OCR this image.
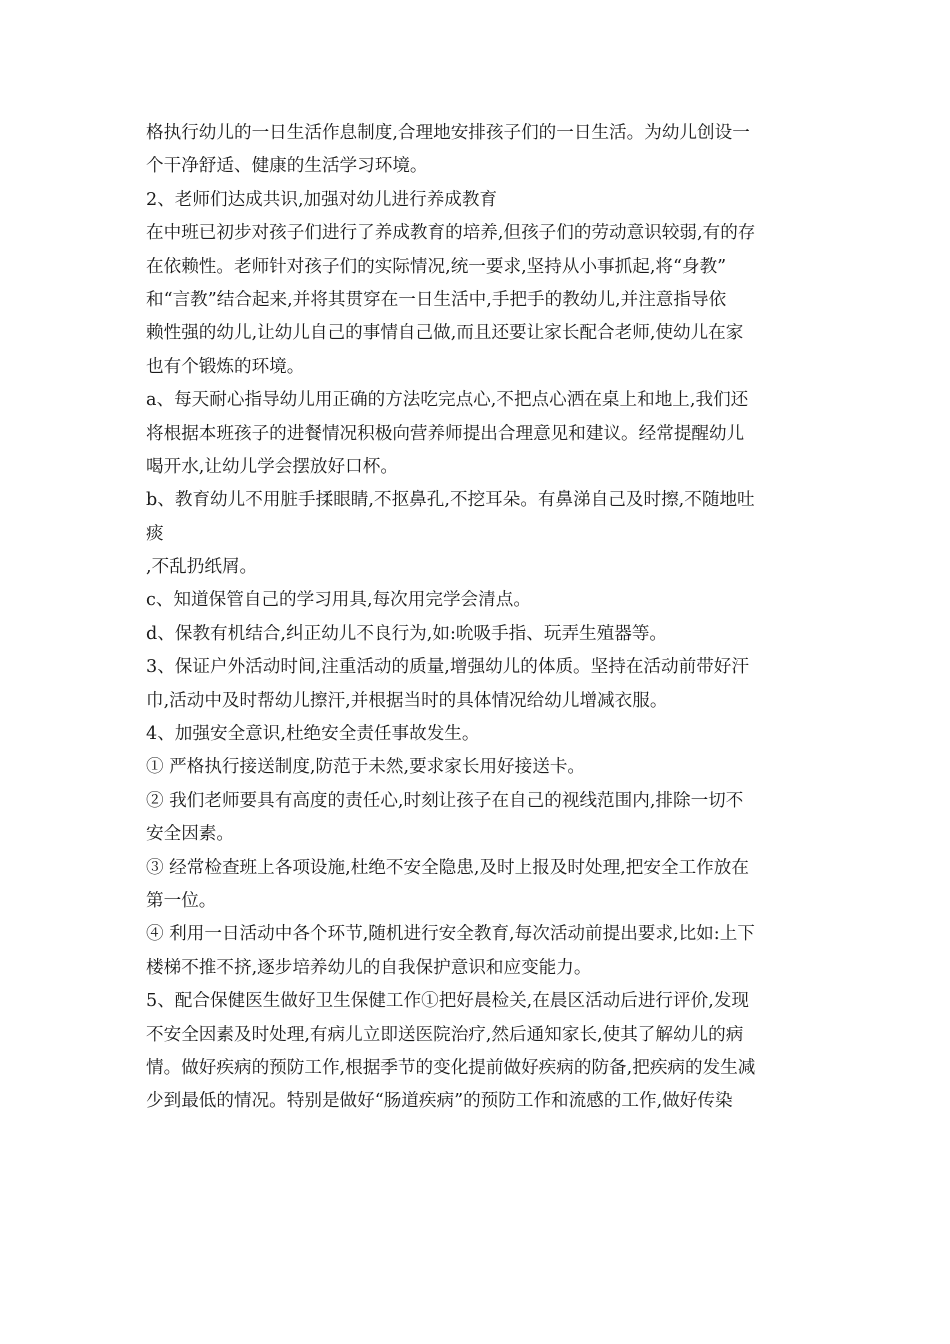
格执行幼儿的一日生活作息制度,合理地安排孩子们的一日生活。为幼儿创设一
个干净舒适、健康的生活学习环境。
2、老师们达成共识,加强对幼儿进行养成教育
在中班已初步对孩子们进行了养成教育的培养,但孩子们的劳动意识较弱,有的存
在依赖性。老师针对孩子们的实际情况,统一要求,坚持从小事抓起,将“身教”
和“言教”结合起来,并将其贯穿在一日生活中,手把手的教幼儿,并注意指导依
赖性强的幼儿,让幼儿自己的事情自己做,而且还要让家长配合老师,使幼儿在家
也有个锻炼的环境。
a、每天耐心指导幼儿用正确的方法吃完点心,不把点心洒在桌上和地上,我们还
将根据本班孩子的进餐情况积极向营养师提出合理意见和建议。经常提醒幼儿
喝开水,让幼儿学会摆放好口杯。
b、教育幼儿不用脏手揉眼睛,不抠鼻孔,不挖耳朵。有鼻涕自己及时擦,不随地吐
痰
,不乱扔纸屑。
c、知道保管自己的学习用具,每次用完学会清点。
d、保教有机结合,纠正幼儿不良行为,如:吮吸手指、玩弄生殖器等。
3、保证户外活动时间,注重活动的质量,增强幼儿的体质。坚持在活动前带好汗
巾,活动中及时帮幼儿擦汗,并根据当时的具体情况给幼儿增减衣服。
4、加强安全意识,杜绝安全责任事故发生。
① 严格执行接送制度,防范于未然,要求家长用好接送卡。
② 我们老师要具有高度的责任心,时刻让孩子在自己的视线范围内,排除一切不
安全因素。
③ 经常检查班上各项设施,杜绝不安全隐患,及时上报及时处理,把安全工作放在
第一位。
④ 利用一日活动中各个环节,随机进行安全教育,每次活动前提出要求,比如:上下
楼梯不推不挤,逐步培养幼儿的自我保护意识和应变能力。
5、配合保健医生做好卫生保健工作①把好晨检关,在晨区活动后进行评价,发现
不安全因素及时处理,有病儿立即送医院治疗,然后通知家长,使其了解幼儿的病
情。做好疾病的预防工作,根据季节的变化提前做好疾病的防备,把疾病的发生减
少到最低的情况。特别是做好“肠道疾病”的预防工作和流感的工作,做好传染
